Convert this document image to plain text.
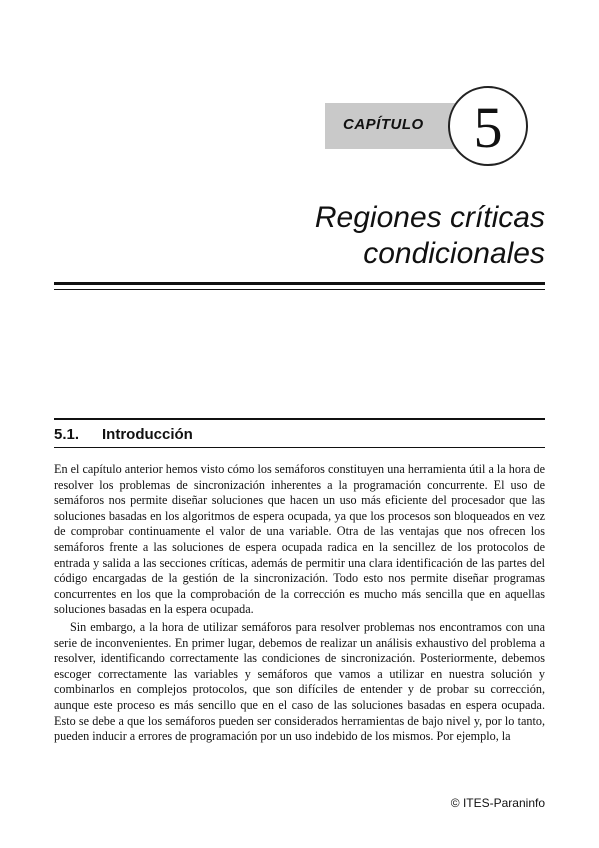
CAPÍTULO 5
Regiones críticas
condicionales
5.1. Introducción

En el capítulo anterior hemos visto cómo los semáforos constituyen una herramienta útil a la hora de resolver los problemas de sincronización inherentes a la programación concurrente. El uso de semáforos nos permite diseñar soluciones que hacen un uso más eficiente del procesador que las soluciones basadas en los algoritmos de espera ocupada, ya que los procesos son bloqueados en vez de comprobar continuamente el valor de una variable. Otra de las ventajas que nos ofrecen los semáforos frente a las soluciones de espera ocupada radica en la sencillez de los protocolos de entrada y salida a las secciones críticas, además de permitir una clara identificación de las partes del código encargadas de la gestión de la sincronización. Todo esto nos permite diseñar programas concurrentes en los que la comprobación de la corrección es mucho más sencilla que en aquellas soluciones basadas en la espera ocupada.

Sin embargo, a la hora de utilizar semáforos para resolver problemas nos encontramos con una serie de inconvenientes. En primer lugar, debemos de realizar un análisis exhaustivo del problema a resolver, identificando correctamente las condiciones de sincronización. Posteriormente, debemos escoger correctamente las variables y semáforos que vamos a utilizar en nuestra solución y combinarlos en complejos protocolos, que son difíciles de entender y de probar su corrección, aunque este proceso es más sencillo que en el caso de las soluciones basadas en espera ocupada. Esto se debe a que los semáforos pueden ser considerados herramientas de bajo nivel y, por lo tanto, pueden inducir a errores de programación por un uso indebido de los mismos. Por ejemplo, la

© ITES-Paraninfo
